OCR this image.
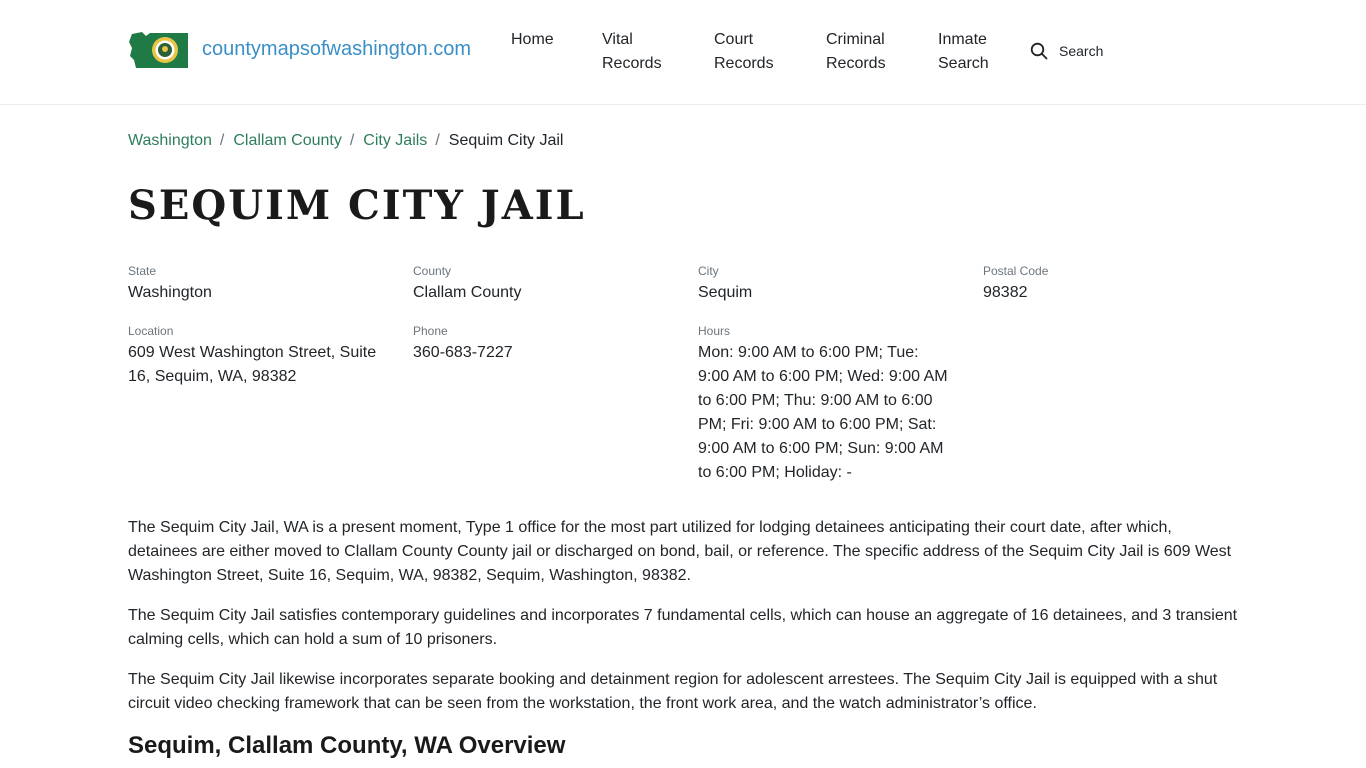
countymapsofwashington.com Home	Vital
Records
Court
Records
Criminal
Records
Inmate
Search
Search
Washington / Clallam County / City Jails / Sequim City Jail
SEQUIM CITY JAIL
State
Washington
County
Clallam County
City
Sequim
Postal Code
98382
Location
609 West Washington Street, Suite 16, Sequim, WA, 98382
Phone
360-683-7227
Hours
Mon: 9:00 AM to 6:00 PM; Tue: 9:00 AM to 6:00 PM; Wed: 9:00 AM to 6:00 PM; Thu: 9:00 AM to 6:00 PM; Fri: 9:00 AM to 6:00 PM; Sat: 9:00 AM to 6:00 PM; Sun: 9:00 AM to 6:00 PM; Holiday: -

The Sequim City Jail, WA is a present moment, Type 1 office for the most part utilized for lodging detainees anticipating their court date, after which, detainees are either moved to Clallam County County jail or discharged on bond, bail, or reference. The specific address of the Sequim City Jail is 609 West Washington Street, Suite 16, Sequim, WA, 98382, Sequim, Washington, 98382.

The Sequim City Jail satisfies contemporary guidelines and incorporates 7 fundamental cells, which can house an aggregate of 16 detainees, and 3 transient calming cells, which can hold a sum of 10 prisoners.

The Sequim City Jail likewise incorporates separate booking and detainment region for adolescent arrestees. The Sequim City Jail is equipped with a shut circuit video checking framework that can be seen from the workstation, the front work area, and the watch administrator’s office.

Sequim, Clallam County, WA Overview
